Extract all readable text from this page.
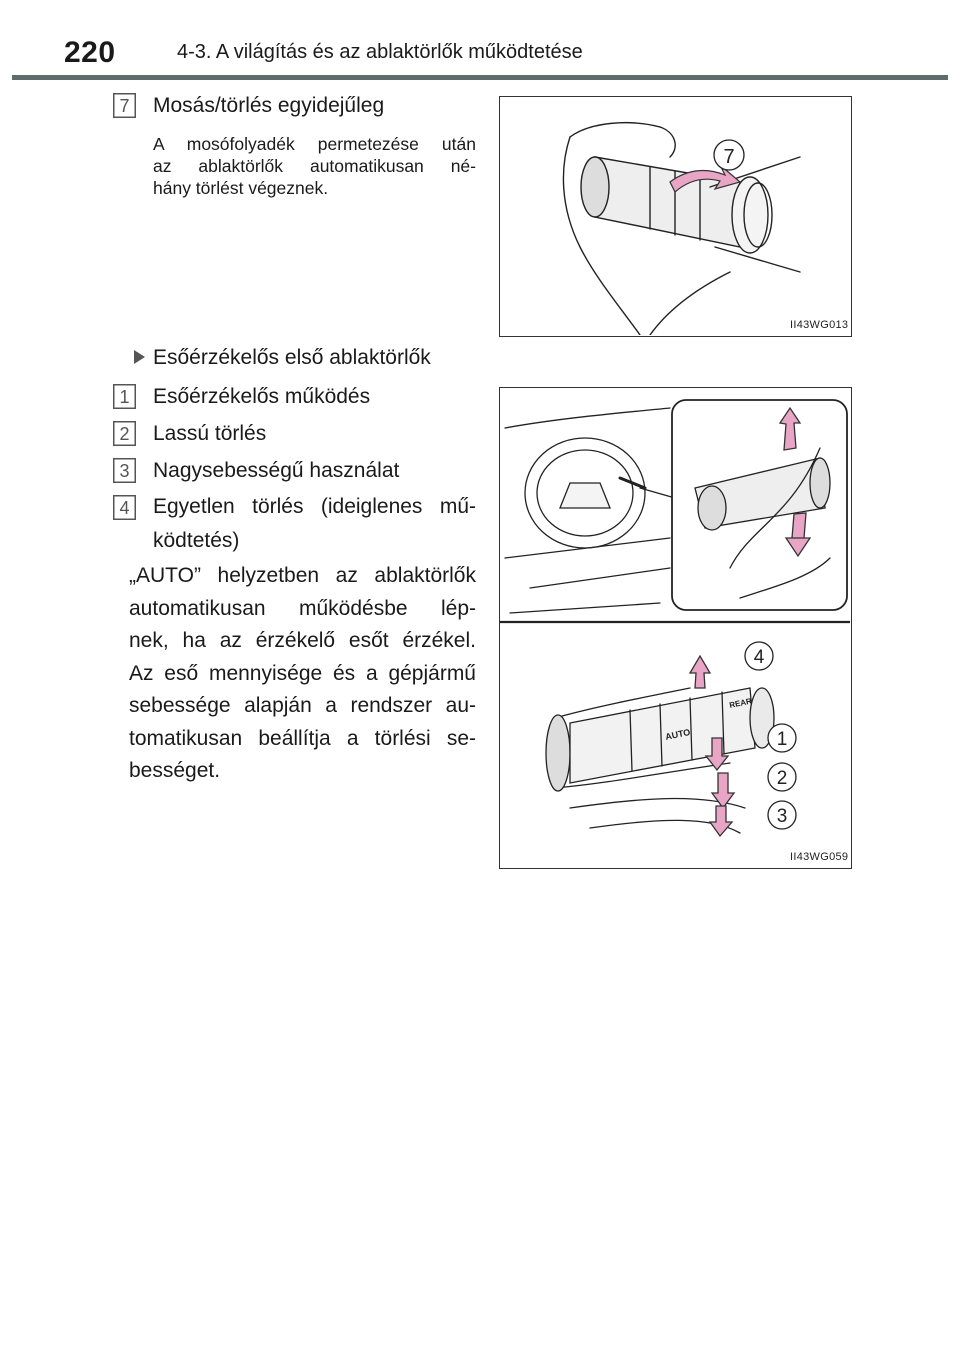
220	4-3. A világítás és az ablaktörlők működtetése
7 Mosás/törlés egyidejűleg
A mosófolyadék permetezése után
az ablaktörlők automatikusan né-
hány törlést végeznek.
7
II43WG013
Esőérzékelős első ablaktörlők
1 Esőérzékelős működés
2 Lassú törlés
3 Nagysebességű használat
4 Egyetlen törlés (ideiglenes mű-
ködtetés)
„AUTO” helyzetben az ablaktörlők
automatikusan működésbe lép-
nek, ha az érzékelő esőt érzékel.
Az eső mennyisége és a gépjármű
sebessége alapján a rendszer au-
tomatikusan beállítja a törlési se-
bességet.
AUTO
REAR
4
1
2
3
II43WG059
